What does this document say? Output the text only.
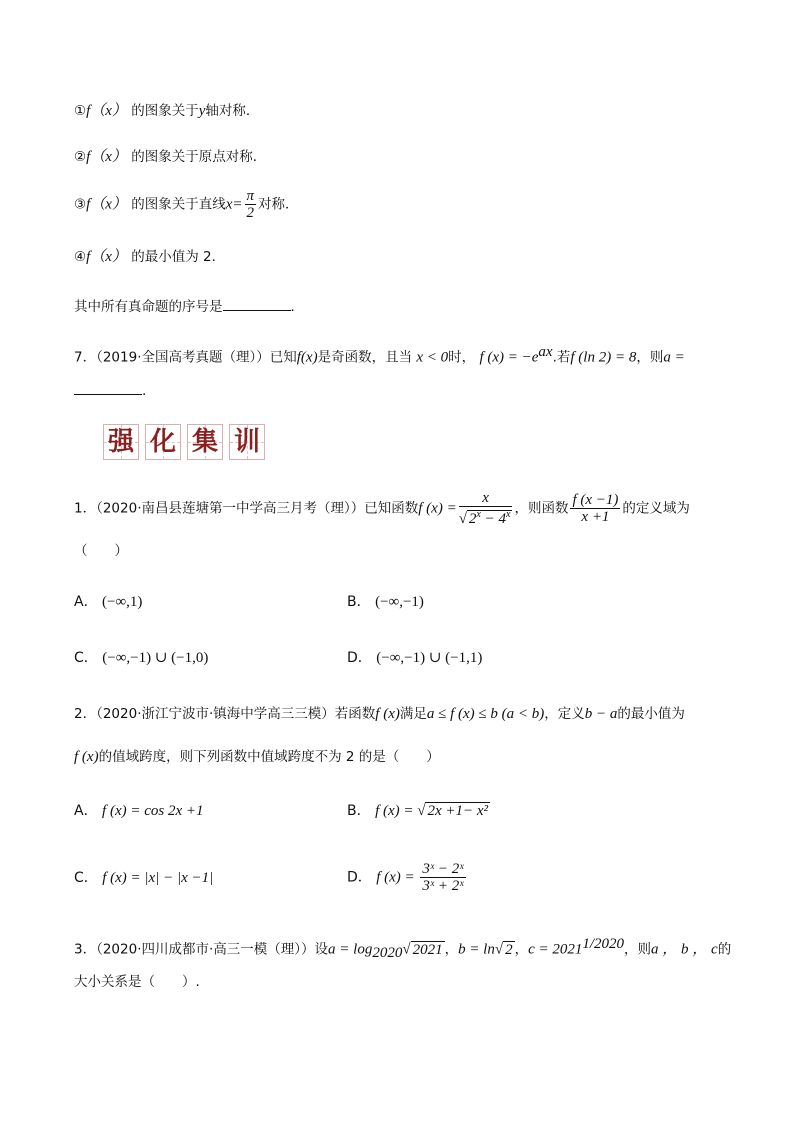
①f（x） 的图象关于y轴对称．
②f（x） 的图象关于原点对称．
③f（x） 的图象关于直线$x= \frac{\pi}{2}$ 对称．
④f（x） 的最小值为 2．
其中所有真命题的序号是	．
7．（2019·全国高考真题（理））已知f(x)是奇函数，且当 x < 0时， f $(x) = -e^{ax}$.若f (ln 2) = 8，则a =
.
强 化 集 训
1．（2020·南昌县莲塘第一中学高三月考（理））已知函数f $(x) = \frac{x}{√ 2^x - 4^x}$ ，则函数 $\frac{f (x -1)}{x +1}$ 的定义域为
（　　）
A． (−∞,1)	B． (−∞,−1)
C． (−∞,−1) ∪ (−1,0)	D． (−∞,−1) ∪ (−1,1)
2．（2020·浙江宁波市·镇海中学高三三模）若函数f (x)满足a ≤ f (x) ≤ b (a < b)，定义b − a的最小值为
f (x)的值域跨度，则下列函数中值域跨度不为 2 的是（　　）
A． f (x) = cos 2x +1	B． f (x) = √ 2x +1− x²
C． f (x) = |x| − |x −1|	D． f $(x) = \frac{\text{3ˣ − 2ˣ}}{\text{3ˣ + 2ˣ}}$
3．（2020·四川成都市·高三一模（理））设$a = \log_{2020}√$ 2021 ，b = ln√ 2 ，$c = 2021^{1/2020}$，则a ， b ， c的
大小关系是（　　）.
